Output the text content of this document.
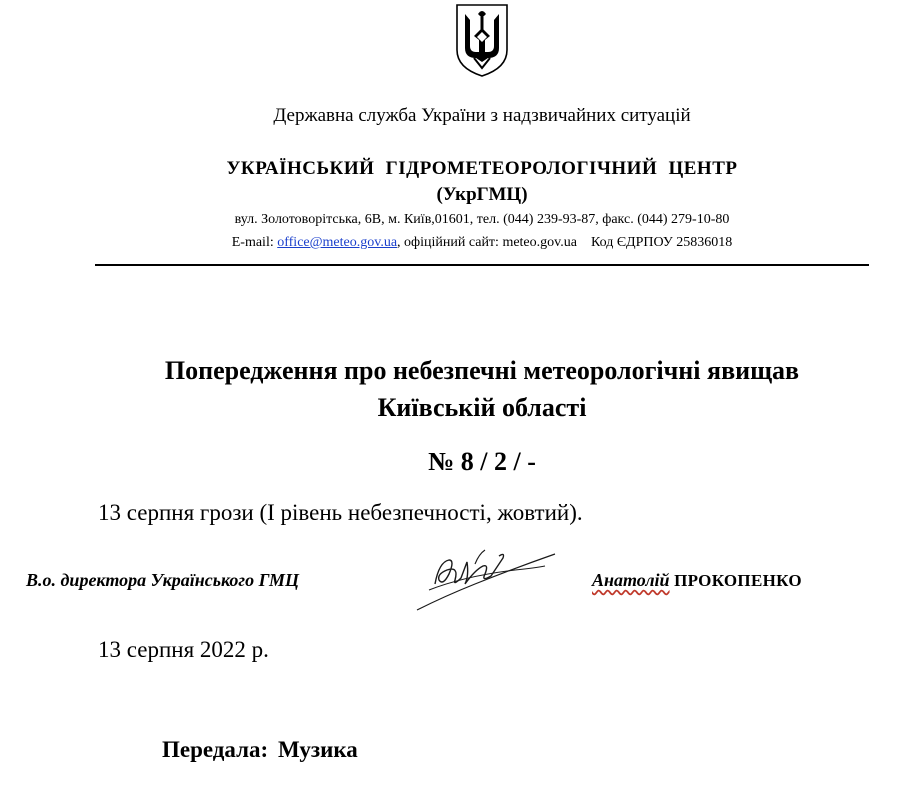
Державна служба України з надзвичайних ситуацій
УКРАЇНСЬКИЙ ГІДРОМЕТЕОРОЛОГІЧНИЙ ЦЕНТР
(УкрГМЦ)
вул. Золотоворітська, 6В, м. Київ,01601, тел. (044) 239-93-87, факс. (044) 279-10-80
E-mail: office@meteo.gov.ua, офіційний сайт: meteo.gov.ua Код ЄДРПОУ 25836018
Попередження про небезпечні метеорологічні явищав
Київській області
№ 8 / 2 / -
13 серпня грози (І рівень небезпечності, жовтий).
В.о. директора Українського ГМЦ	Анатолій ПРОКОПЕНКО
13 серпня 2022 р.
Передала: Музика
